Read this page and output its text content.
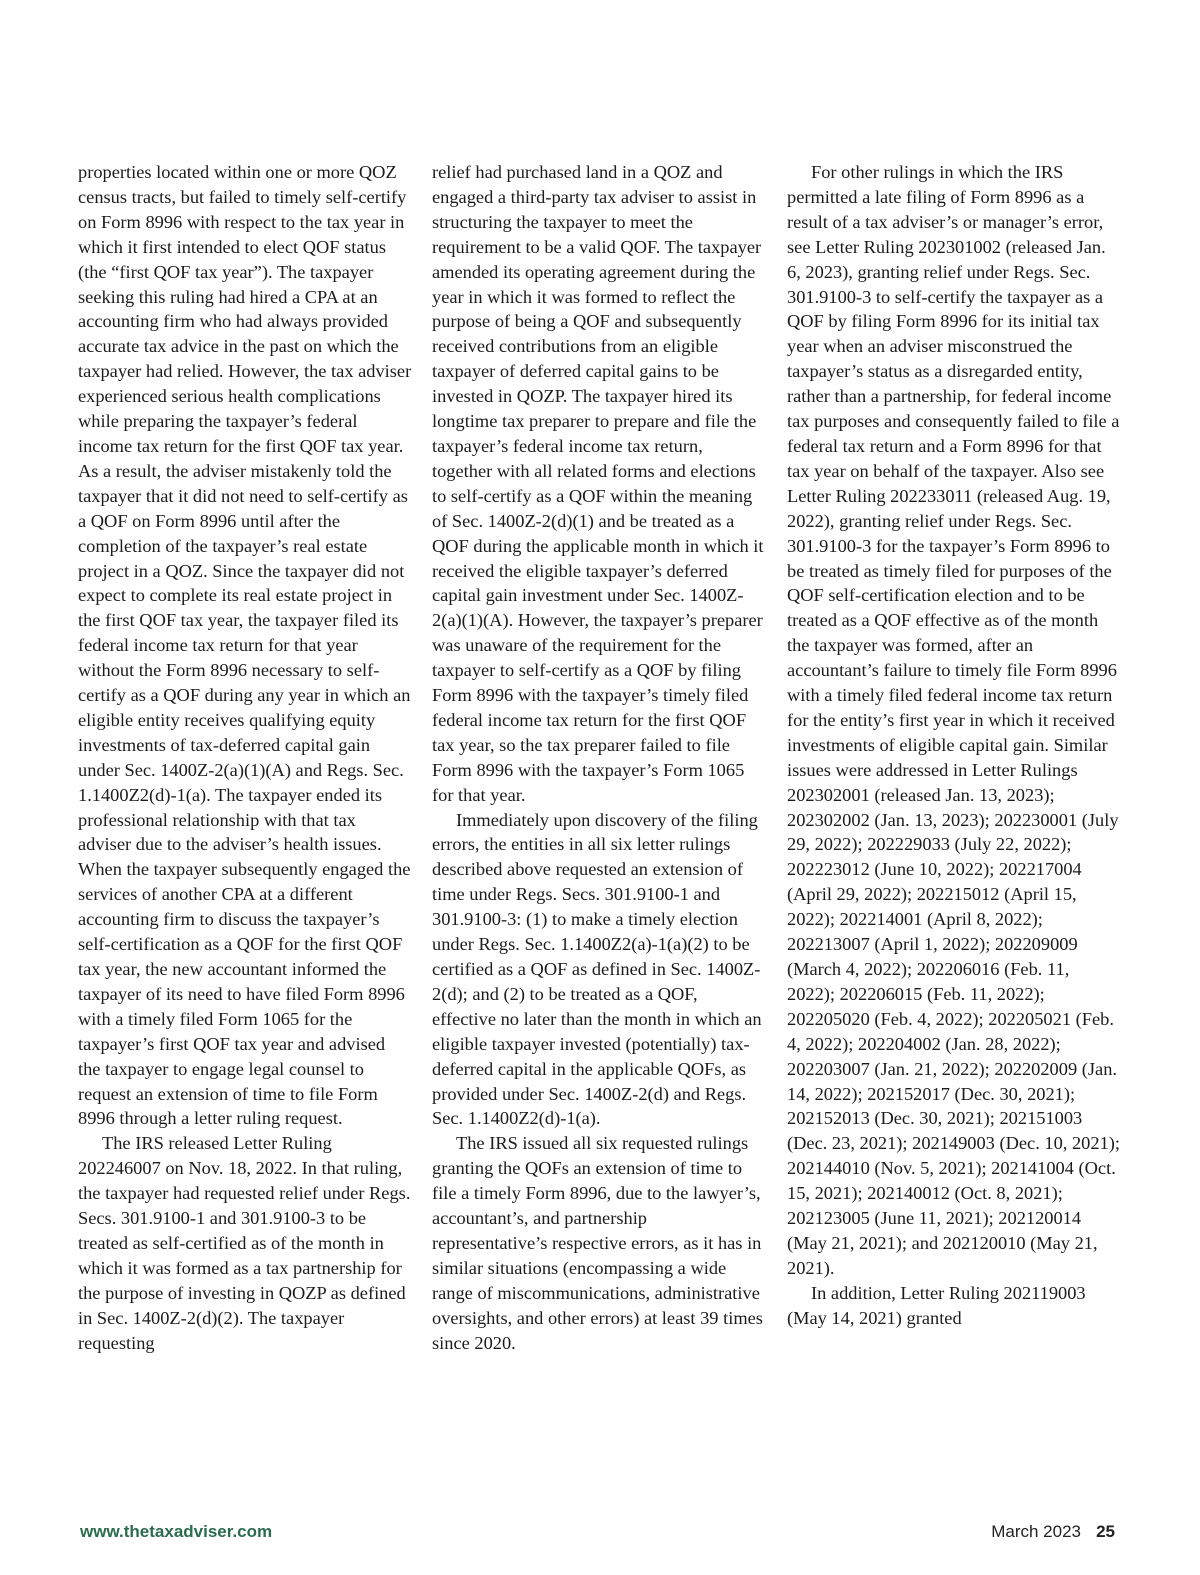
properties located within one or more QOZ census tracts, but failed to timely self-certify on Form 8996 with respect to the tax year in which it first intended to elect QOF status (the “first QOF tax year”). The taxpayer seeking this ruling had hired a CPA at an accounting firm who had always provided accurate tax advice in the past on which the taxpayer had relied. However, the tax adviser experienced serious health complications while preparing the taxpayer’s federal income tax return for the first QOF tax year. As a result, the adviser mistakenly told the taxpayer that it did not need to self-certify as a QOF on Form 8996 until after the completion of the taxpayer’s real estate project in a QOZ. Since the taxpayer did not expect to complete its real estate project in the first QOF tax year, the taxpayer filed its federal income tax return for that year without the Form 8996 necessary to self-certify as a QOF during any year in which an eligible entity receives qualifying equity investments of tax-deferred capital gain under Sec. 1400Z-2(a)(1)(A) and Regs. Sec. 1.1400Z2(d)-1(a). The taxpayer ended its professional relationship with that tax adviser due to the adviser’s health issues. When the taxpayer subsequently engaged the services of another CPA at a different accounting firm to discuss the taxpayer’s self-certification as a QOF for the first QOF tax year, the new accountant informed the taxpayer of its need to have filed Form 8996 with a timely filed Form 1065 for the taxpayer’s first QOF tax year and advised the taxpayer to engage legal counsel to request an extension of time to file Form 8996 through a letter ruling request.

The IRS released Letter Ruling 202246007 on Nov. 18, 2022. In that ruling, the taxpayer had requested relief under Regs. Secs. 301.9100-1 and 301.9100-3 to be treated as self-certified as of the month in which it was formed as a tax partnership for the purpose of investing in QOZP as defined in Sec. 1400Z-2(d)(2). The taxpayer requesting

relief had purchased land in a QOZ and engaged a third-party tax adviser to assist in structuring the taxpayer to meet the requirement to be a valid QOF. The taxpayer amended its operating agreement during the year in which it was formed to reflect the purpose of being a QOF and subsequently received contributions from an eligible taxpayer of deferred capital gains to be invested in QOZP. The taxpayer hired its longtime tax preparer to prepare and file the taxpayer’s federal income tax return, together with all related forms and elections to self-certify as a QOF within the meaning of Sec. 1400Z-2(d)(1) and be treated as a QOF during the applicable month in which it received the eligible taxpayer’s deferred capital gain investment under Sec. 1400Z-2(a)(1)(A). However, the taxpayer’s preparer was unaware of the requirement for the taxpayer to self-certify as a QOF by filing Form 8996 with the taxpayer’s timely filed federal income tax return for the first QOF tax year, so the tax preparer failed to file Form 8996 with the taxpayer’s Form 1065 for that year.

Immediately upon discovery of the filing errors, the entities in all six letter rulings described above requested an extension of time under Regs. Secs. 301.9100-1 and 301.9100-3: (1) to make a timely election under Regs. Sec. 1.1400Z2(a)-1(a)(2) to be certified as a QOF as defined in Sec. 1400Z-2(d); and (2) to be treated as a QOF, effective no later than the month in which an eligible taxpayer invested (potentially) tax-deferred capital in the applicable QOFs, as provided under Sec. 1400Z-2(d) and Regs. Sec. 1.1400Z2(d)-1(a).

The IRS issued all six requested rulings granting the QOFs an extension of time to file a timely Form 8996, due to the lawyer’s, accountant’s, and partnership representative’s respective errors, as it has in similar situations (encompassing a wide range of miscommunications, administrative oversights, and other errors) at least 39 times since 2020.

For other rulings in which the IRS permitted a late filing of Form 8996 as a result of a tax adviser’s or manager’s error, see Letter Ruling 202301002 (released Jan. 6, 2023), granting relief under Regs. Sec. 301.9100-3 to self-certify the taxpayer as a QOF by filing Form 8996 for its initial tax year when an adviser misconstrued the taxpayer’s status as a disregarded entity, rather than a partnership, for federal income tax purposes and consequently failed to file a federal tax return and a Form 8996 for that tax year on behalf of the taxpayer. Also see Letter Ruling 202233011 (released Aug. 19, 2022), granting relief under Regs. Sec. 301.9100-3 for the taxpayer’s Form 8996 to be treated as timely filed for purposes of the QOF self-certification election and to be treated as a QOF effective as of the month the taxpayer was formed, after an accountant’s failure to timely file Form 8996 with a timely filed federal income tax return for the entity’s first year in which it received investments of eligible capital gain. Similar issues were addressed in Letter Rulings 202302001 (released Jan. 13, 2023); 202302002 (Jan. 13, 2023); 202230001 (July 29, 2022); 202229033 (July 22, 2022); 202223012 (June 10, 2022); 202217004 (April 29, 2022); 202215012 (April 15, 2022); 202214001 (April 8, 2022); 202213007 (April 1, 2022); 202209009 (March 4, 2022); 202206016 (Feb. 11, 2022); 202206015 (Feb. 11, 2022); 202205020 (Feb. 4, 2022); 202205021 (Feb. 4, 2022); 202204002 (Jan. 28, 2022); 202203007 (Jan. 21, 2022); 202202009 (Jan. 14, 2022); 202152017 (Dec. 30, 2021); 202152013 (Dec. 30, 2021); 202151003 (Dec. 23, 2021); 202149003 (Dec. 10, 2021); 202144010 (Nov. 5, 2021); 202141004 (Oct. 15, 2021); 202140012 (Oct. 8, 2021); 202123005 (June 11, 2021); 202120014 (May 21, 2021); and 202120010 (May 21, 2021).

In addition, Letter Ruling 202119003 (May 14, 2021) granted

www.thetaxadviser.com	March 2023 25
